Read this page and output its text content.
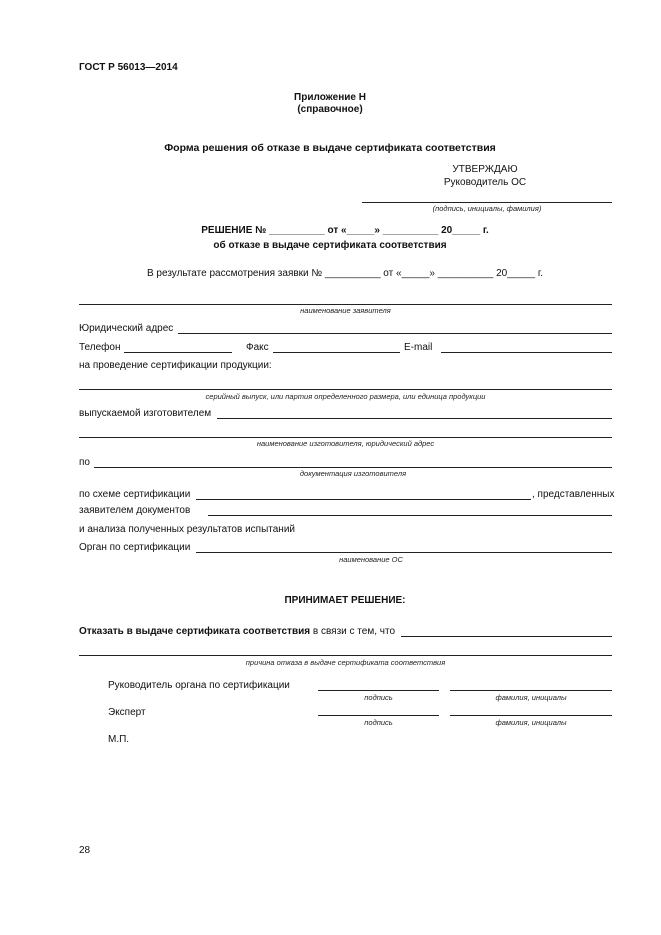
ГОСТ Р 56013—2014
Приложение Н
(справочное)
Форма решения об отказе в выдаче сертификата соответствия
УТВЕРЖДАЮ
Руководитель ОС
(подпись, инициалы, фамилия)
РЕШЕНИЕ № __________ от «_____» __________ 20_____ г.
об отказе в выдаче сертификата соответствия
В результате рассмотрения заявки № __________ от «_____» __________ 20_____ г.
наименование заявителя
Юридический адрес
Телефон	Факс	E-mail
на проведение сертификации продукции:
серийный выпуск, или партия определенного размера, или единица продукции
выпускаемой изготовителем
наименование изготовителя, юридический адрес
по
документация изготовителя
по схеме сертификации	, представленных
заявителем документов
и анализа полученных результатов испытаний
Орган по сертификации
наименование ОС
ПРИНИМАЕТ РЕШЕНИЕ:
Отказать в выдаче сертификата соответствия в связи с тем, что
причина отказа в выдаче сертификата соответствия
Руководитель органа по сертификации
подпись	фамилия, инициалы
Эксперт
подпись	фамилия, инициалы
М.П.
28
